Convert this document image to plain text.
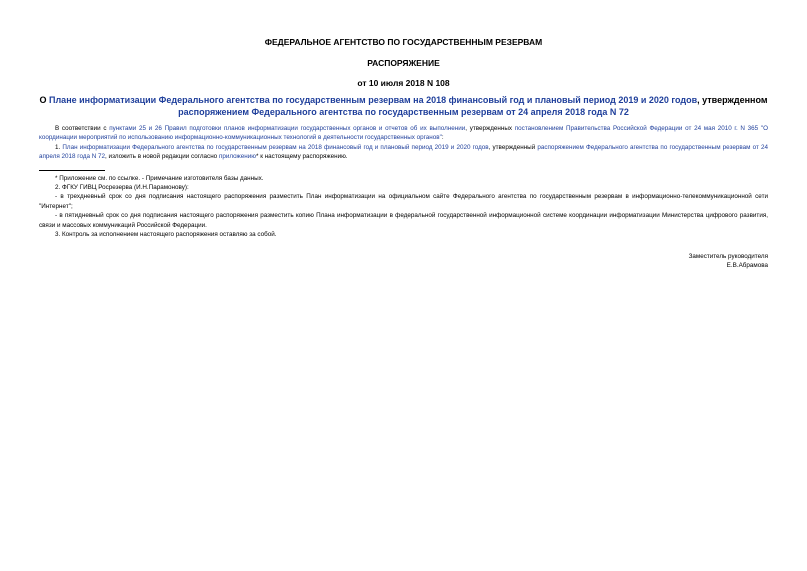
ФЕДЕРАЛЬНОЕ АГЕНТСТВО ПО ГОСУДАРСТВЕННЫМ РЕЗЕРВАМ
РАСПОРЯЖЕНИЕ
от 10 июля 2018 N 108
О Плане информатизации Федерального агентства по государственным резервам на 2018 финансовый год и плановый период 2019 и 2020 годов, утвержденном распоряжением Федерального агентства по государственным резервам от 24 апреля 2018 года N 72

В соответствии с пунктами 25 и 26 Правил подготовки планов информатизации государственных органов и отчетов об их выполнении, утвержденных постановлением Правительства Российской Федерации от 24 мая 2010 г. N 365 "О координации мероприятий по использованию информационно-коммуникационных технологий в деятельности государственных органов":

1. План информатизации Федерального агентства по государственным резервам на 2018 финансовый год и плановый период 2019 и 2020 годов, утвержденный распоряжением Федерального агентства по государственным резервам от 24 апреля 2018 года N 72, изложить в новой редакции согласно приложению* к настоящему распоряжению.

* Приложение см. по ссылке. - Примечание изготовителя базы данных.

2. ФГКУ ГИВЦ Росрезерва (И.Н.Парамонову):

- в трехдневный срок со дня подписания настоящего распоряжения разместить План информатизации на официальном сайте Федерального агентства по государственным резервам в информационно-телекоммуникационной сети "Интернет";

- в пятидневный срок со дня подписания настоящего распоряжения разместить копию Плана информатизации в федеральной государственной информационной системе координации информатизации Министерства цифрового развития, связи и массовых коммуникаций Российской Федерации.

3. Контроль за исполнением настоящего распоряжения оставляю за собой.

Заместитель руководителя
Е.В.Абрамова
